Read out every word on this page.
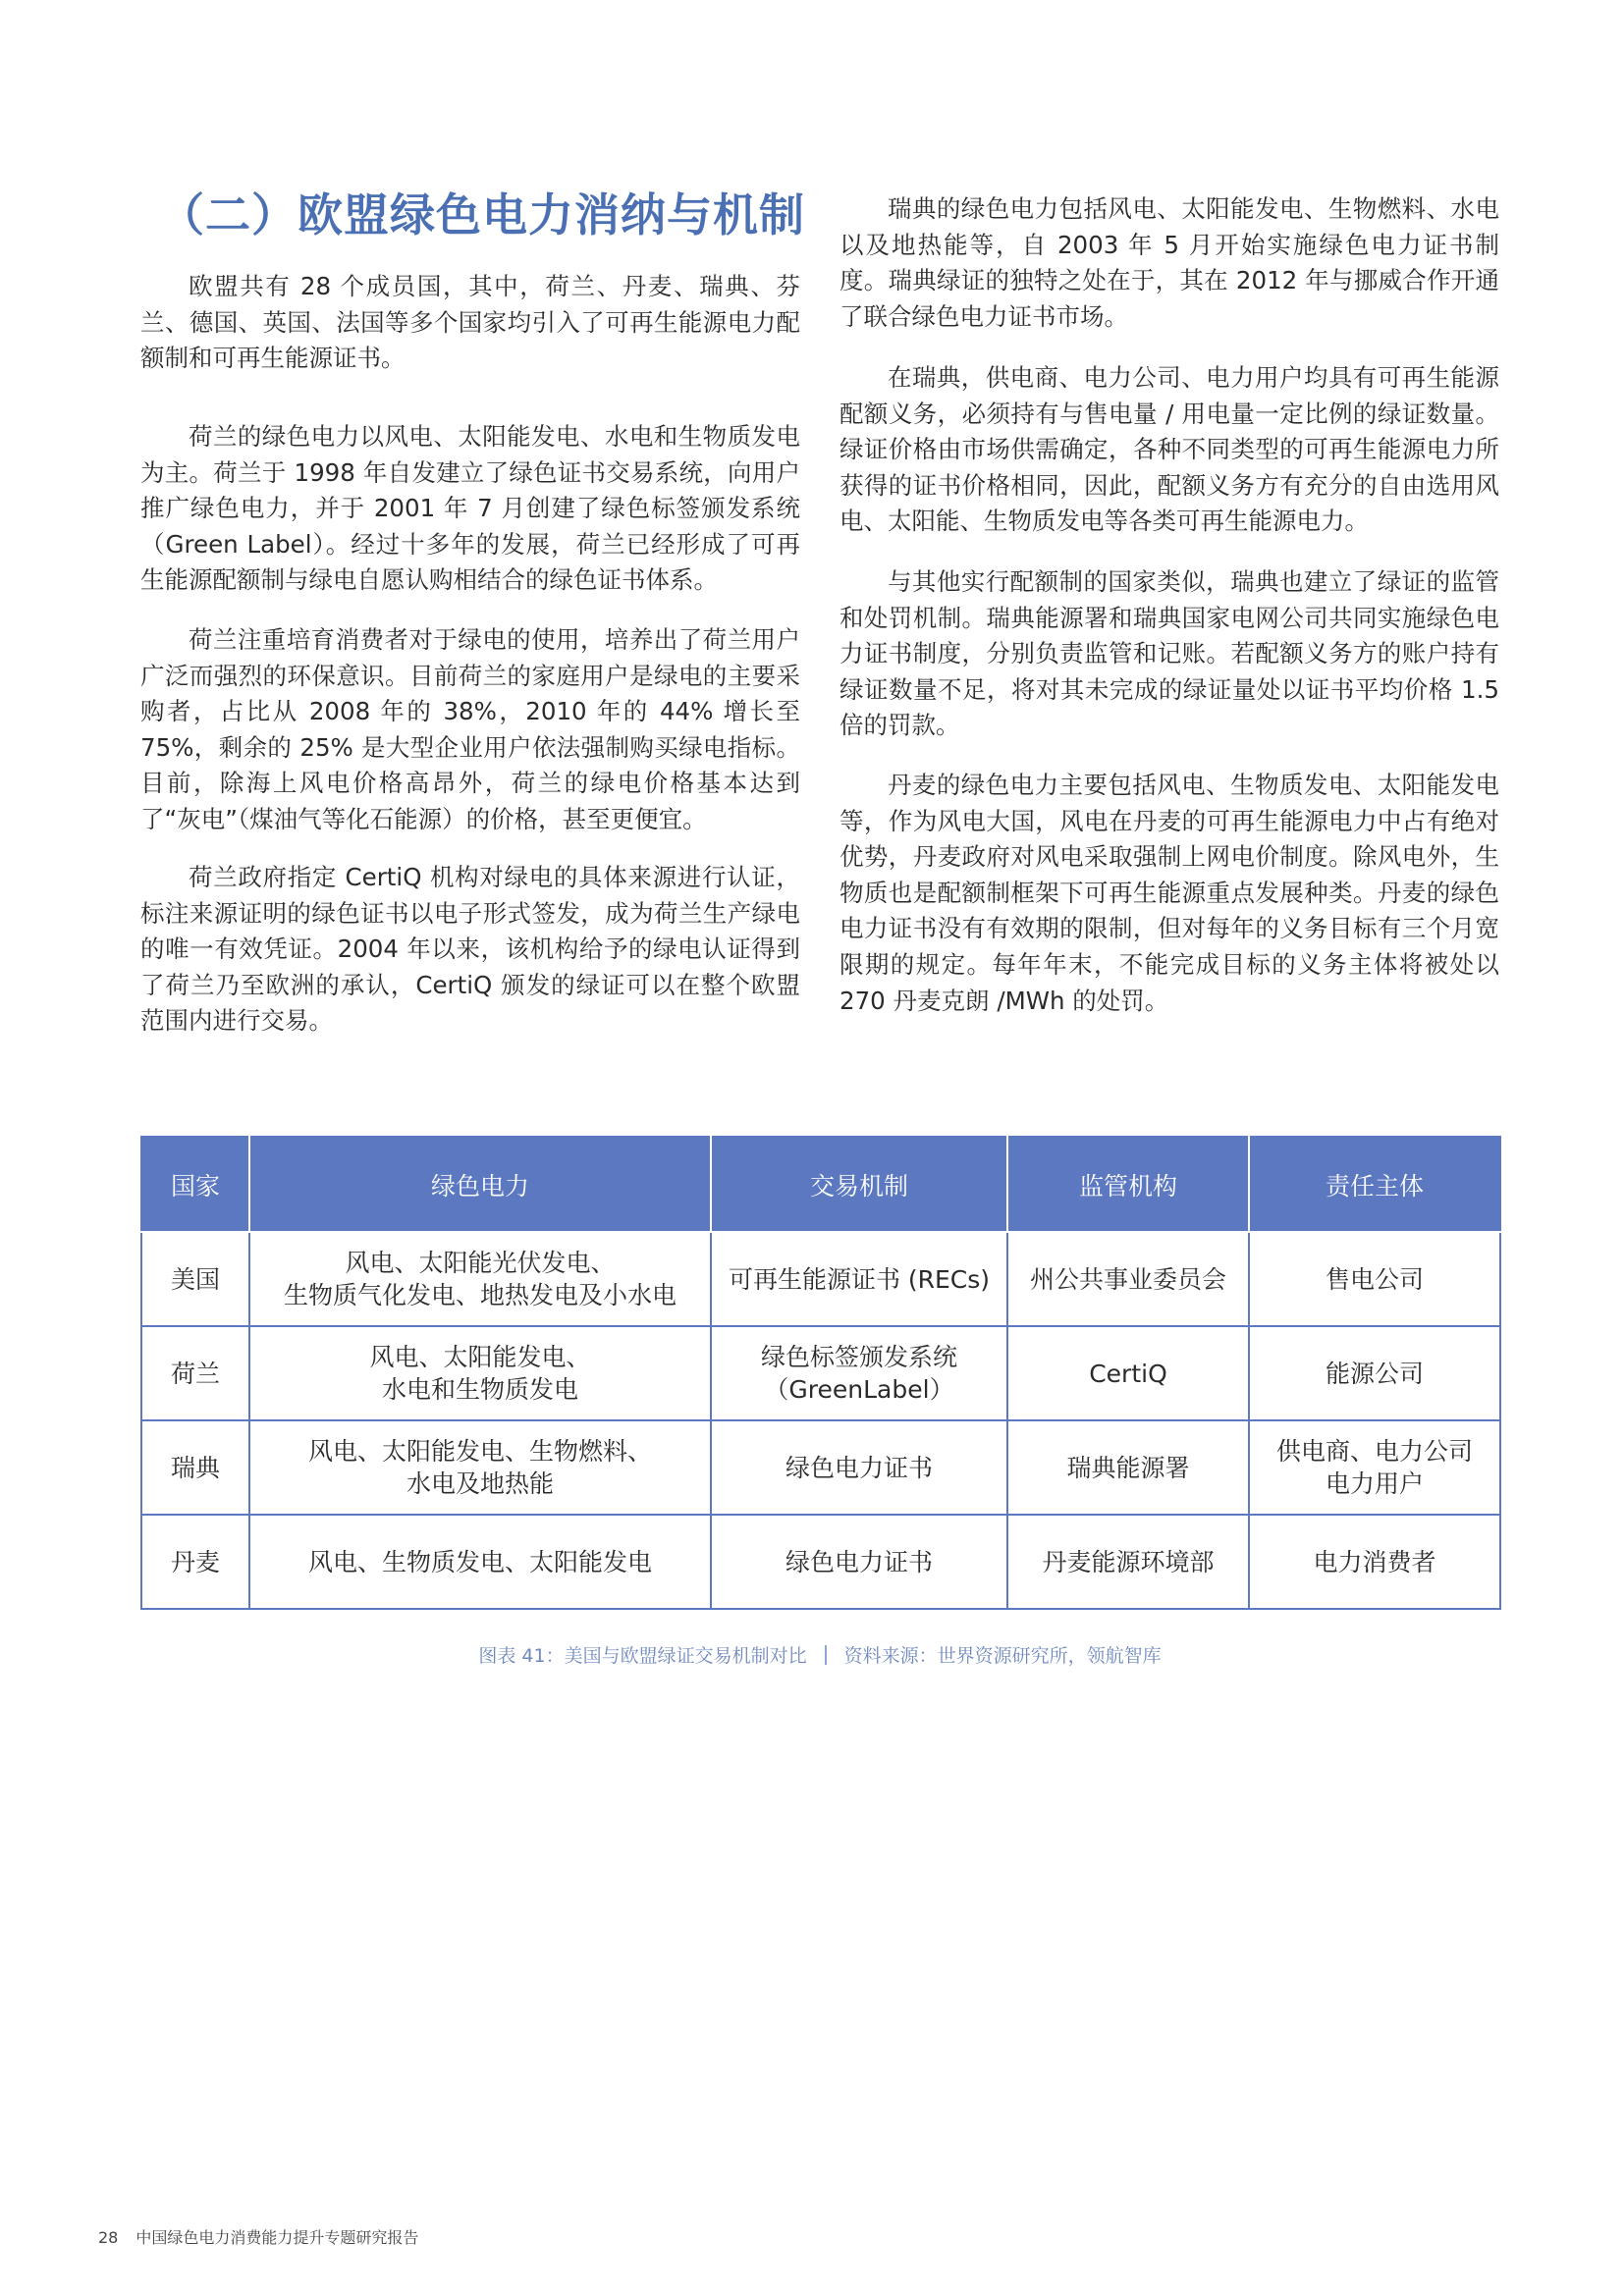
（二）欧盟绿色电力消纳与机制

欧盟共有 28 个成员国，其中，荷兰、丹麦、瑞典、芬兰、德国、英国、法国等多个国家均引入了可再生能源电力配额制和可再生能源证书。

荷兰的绿色电力以风电、太阳能发电、水电和生物质发电为主。荷兰于 1998 年自发建立了绿色证书交易系统，向用户推广绿色电力，并于 2001 年 7 月创建了绿色标签颁发系统（Green Label）。经过十多年的发展，荷兰已经形成了可再生能源配额制与绿电自愿认购相结合的绿色证书体系。

荷兰注重培育消费者对于绿电的使用，培养出了荷兰用户广泛而强烈的环保意识。目前荷兰的家庭用户是绿电的主要采购者，占比从 2008 年的 38%，2010 年的 44% 增长至 75%，剩余的 25% 是大型企业用户依法强制购买绿电指标。目前，除海上风电价格高昂外，荷兰的绿电价格基本达到了“灰电”（煤油气等化石能源）的价格，甚至更便宜。

荷兰政府指定 CertiQ 机构对绿电的具体来源进行认证，标注来源证明的绿色证书以电子形式签发，成为荷兰生产绿电的唯一有效凭证。2004 年以来，该机构给予的绿电认证得到了荷兰乃至欧洲的承认，CertiQ 颁发的绿证可以在整个欧盟范围内进行交易。

瑞典的绿色电力包括风电、太阳能发电、生物燃料、水电以及地热能等，自 2003 年 5 月开始实施绿色电力证书制度。瑞典绿证的独特之处在于，其在 2012 年与挪威合作开通了联合绿色电力证书市场。

在瑞典，供电商、电力公司、电力用户均具有可再生能源配额义务，必须持有与售电量 / 用电量一定比例的绿证数量。绿证价格由市场供需确定，各种不同类型的可再生能源电力所获得的证书价格相同，因此，配额义务方有充分的自由选用风电、太阳能、生物质发电等各类可再生能源电力。

与其他实行配额制的国家类似，瑞典也建立了绿证的监管和处罚机制。瑞典能源署和瑞典国家电网公司共同实施绿色电力证书制度，分别负责监管和记账。若配额义务方的账户持有绿证数量不足，将对其未完成的绿证量处以证书平均价格 1.5 倍的罚款。

丹麦的绿色电力主要包括风电、生物质发电、太阳能发电等，作为风电大国，风电在丹麦的可再生能源电力中占有绝对优势，丹麦政府对风电采取强制上网电价制度。除风电外，生物质也是配额制框架下可再生能源重点发展种类。丹麦的绿色电力证书没有有效期的限制，但对每年的义务目标有三个月宽限期的规定。每年年末，不能完成目标的义务主体将被处以 270 丹麦克朗 /MWh 的处罚。

国家	绿色电力	交易机制	监管机构	责任主体

美国	风电、太阳能光伏发电、
生物质气化发电、地热发电及小水电	可再生能源证书 (RECs)	州公共事业委员会	售电公司

荷兰	风电、太阳能发电、
水电和生物质发电	绿色标签颁发系统
（GreenLabel）	CertiQ	能源公司

瑞典	风电、太阳能发电、生物燃料、
水电及地热能	绿色电力证书	瑞典能源署	供电商、电力公司
电力用户

丹麦	风电、生物质发电、太阳能发电	绿色电力证书	丹麦能源环境部	电力消费者
图表 41：美国与欧盟绿证交易机制对比 资料来源：世界资源研究所，领航智库
28 中国绿色电力消费能力提升专题研究报告
